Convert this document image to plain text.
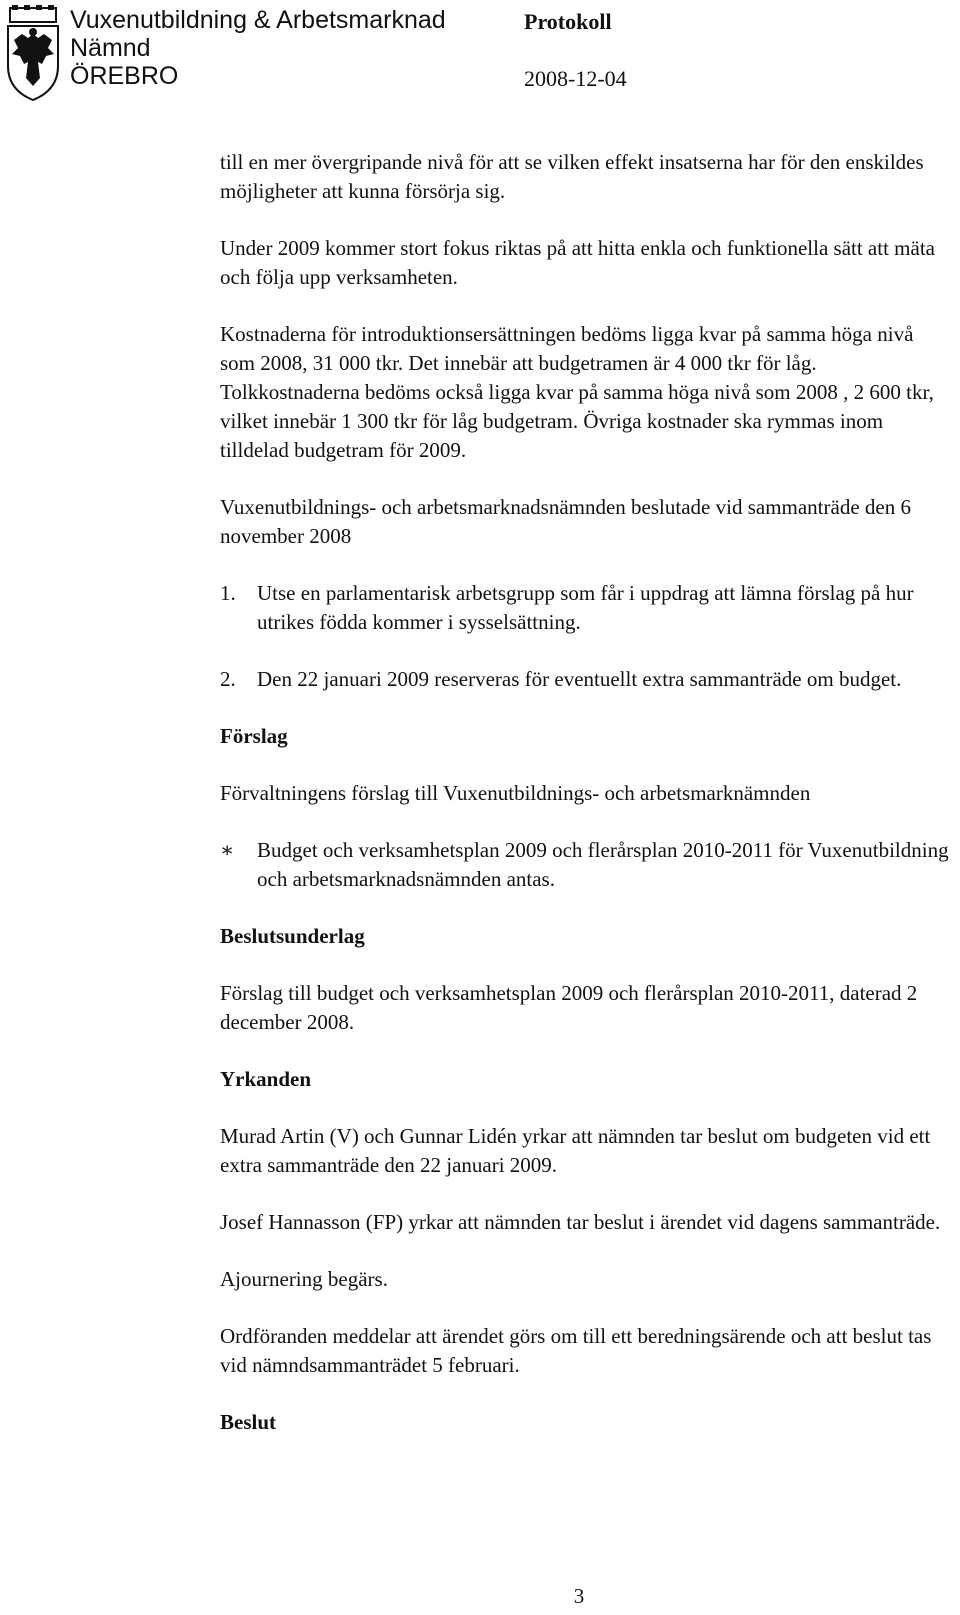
Vuxenutbildning & Arbetsmarknad
Nämnd
ÖREBRO
Protokoll
2008-12-04

till en mer övergripande nivå för att se vilken effekt insatserna har för den enskildes möjligheter att kunna försörja sig.

Under 2009 kommer stort fokus riktas på att hitta enkla och funktionella sätt att mäta och följa upp verksamheten.

Kostnaderna för introduktionsersättningen bedöms ligga kvar på samma höga nivå som 2008, 31 000 tkr. Det innebär att budgetramen är 4 000 tkr för låg. Tolkkostnaderna bedöms också ligga kvar på samma höga nivå som 2008 , 2 600 tkr, vilket innebär 1 300 tkr för låg budgetram. Övriga kostnader ska rymmas inom tilldelad budgetram för 2009.

Vuxenutbildnings- och arbetsmarknadsnämnden beslutade vid sammanträde den 6 november 2008

1.	Utse en parlamentarisk arbetsgrupp som får i uppdrag att lämna förslag på hur utrikes födda kommer i sysselsättning.
2.	Den 22 januari 2009 reserveras för eventuellt extra sammanträde om budget.
Förslag

Förvaltningens förslag till Vuxenutbildnings- och arbetsmarknämnden

∗	Budget och verksamhetsplan 2009 och flerårsplan 2010-2011 för Vuxenutbildning och arbetsmarknadsnämnden antas.
Beslutsunderlag

Förslag till budget och verksamhetsplan 2009 och flerårsplan 2010-2011, daterad 2 december 2008.

Yrkanden

Murad Artin (V) och Gunnar Lidén yrkar att nämnden tar beslut om budgeten vid ett extra sammanträde den 22 januari 2009.

Josef Hannasson (FP) yrkar att nämnden tar beslut i ärendet vid dagens sammanträde.

Ajournering begärs.

Ordföranden meddelar att ärendet görs om till ett beredningsärende och att beslut tas vid nämndsammanträdet 5 februari.

Beslut
3
